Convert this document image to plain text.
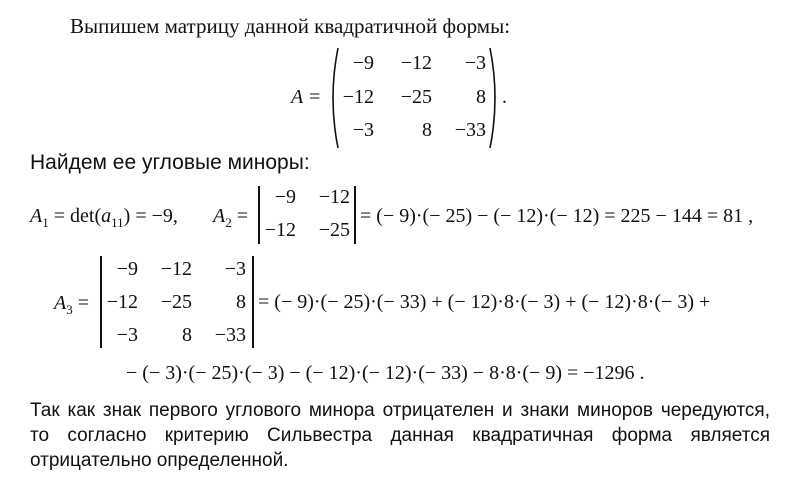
Выпишем матрицу данной квадратичной формы:
A =
−9	−12	−3
−12	−25	8
−3	8	−33
.
Найдем ее угловые миноры:
$A_1 = \det(a_{11}) = -9$, $A_2$ =
−9	−12
−12	−25
= (− 9)·(− 25) − (− 12)·(− 12) = 225 − 144 = 81 ,
$A_3$ =
−9	−12	−3
−12	−25	8
−3	8	−33
= (− 9)·(− 25)·(− 33) + (− 12)·8·(− 3) + (− 12)·8·(− 3) +
− (− 3)·(− 25)·(− 3) − (− 12)·(− 12)·(− 33) − 8·8·(− 9) = −1296 .
Так как знак первого углового минора отрицателен и знаки миноров чередуются,
то согласно критерию Сильвестра данная квадратичная форма является
отрицательно определенной.
